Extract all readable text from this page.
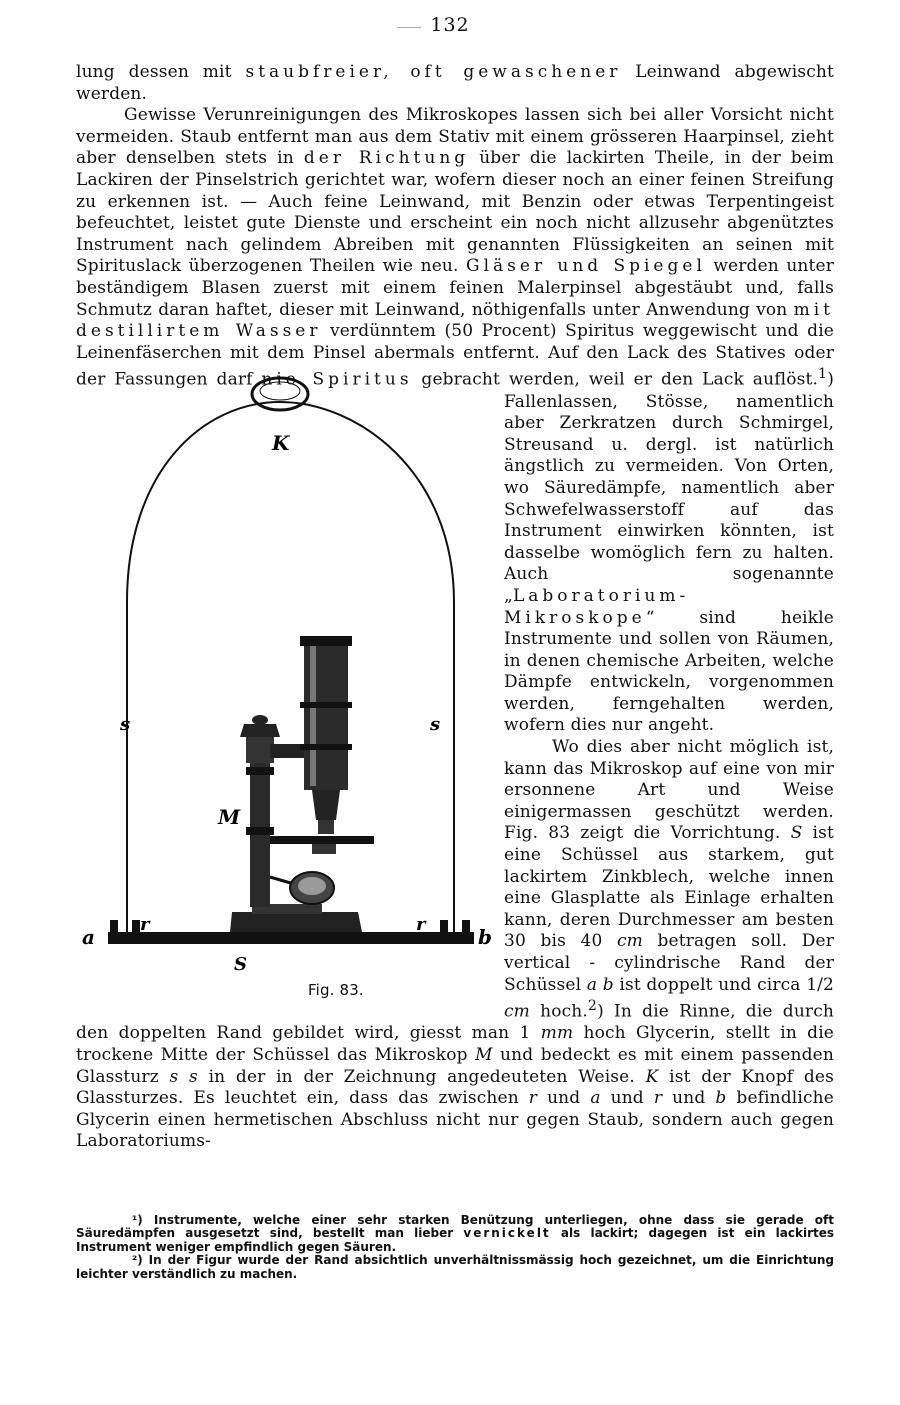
132

lung dessen mit staubfreier, oft gewaschener Leinwand abgewischt werden.

Gewisse Verunreinigungen des Mikroskopes lassen sich bei aller Vorsicht nicht vermeiden. Staub entfernt man aus dem Stativ mit einem grösseren Haarpinsel, zieht aber denselben stets in der Richtung über die lackirten Theile, in der beim Lackiren der Pinselstrich gerichtet war, wofern dieser noch an einer feinen Streifung zu erkennen ist. — Auch feine Leinwand, mit Benzin oder etwas Terpentingeist befeuchtet, leistet gute Dienste und erscheint ein noch nicht allzusehr abgenütztes Instrument nach gelindem Abreiben mit genannten Flüssigkeiten an seinen mit Spirituslack überzogenen Theilen wie neu. Gläser und Spiegel werden unter beständigem Blasen zuerst mit einem feinen Malerpinsel abgestäubt und, falls Schmutz daran haftet, dieser mit Leinwand, nöthigenfalls unter Anwendung von mit destillirtem Wasser verdünntem (50 Procent) Spiritus weggewischt und die Leinenfäserchen mit dem Pinsel abermals entfernt. Auf den Lack des Statives oder der Fassungen darf
K
s	s
M
a	b
r	r
S
Fig. 83.
nie Spiritus gebracht werden, weil er den Lack auflöst.$^1$) Fallenlassen, Stösse, namentlich aber Zerkratzen durch Schmirgel, Streusand u. dergl. ist natürlich ängstlich zu vermeiden. Von Orten, wo Säuredämpfe, namentlich aber Schwefelwasserstoff auf das Instrument einwirken könnten, ist dasselbe womöglich fern zu halten. Auch sogenannte „Laboratorium-Mikroskope“ sind heikle Instrumente und sollen von Räumen, in denen chemische Arbeiten, welche Dämpfe entwickeln, vorgenommen werden, ferngehalten werden, wofern dies nur angeht.

Wo dies aber nicht möglich ist, kann das Mikroskop auf eine von mir ersonnene Art und Weise einigermassen geschützt werden. Fig. 83 zeigt die Vorrichtung. S ist eine Schüssel aus starkem, gut lackirtem Zinkblech, welche innen eine Glasplatte als Einlage erhalten kann, deren Durchmesser am besten 30 bis 40 cm betragen soll. Der vertical - cylindrische Rand der Schüssel a b ist doppelt und circa 1/2 cm hoch.$^2$) In die Rinne, die durch den doppelten Rand gebildet wird, giesst man 1 mm hoch Glycerin, stellt in die trockene Mitte der Schüssel das Mikroskop M und bedeckt es mit einem passenden Glassturz s s in der in der Zeichnung angedeuteten Weise. K ist der Knopf des Glassturzes. Es leuchtet ein, dass das zwischen r und a und r und b befindliche Glycerin einen hermetischen Abschluss nicht nur gegen Staub, sondern auch gegen Laboratoriums-

¹) Instrumente, welche einer sehr starken Benützung unterliegen, ohne dass sie gerade oft Säuredämpfen ausgesetzt sind, bestellt man lieber vernickelt als lackirt; dagegen ist ein lackirtes Instrument weniger empfindlich gegen Säuren.

²) In der Figur wurde der Rand absichtlich unverhältnissmässig hoch gezeichnet, um die Einrichtung leichter verständlich zu machen.
